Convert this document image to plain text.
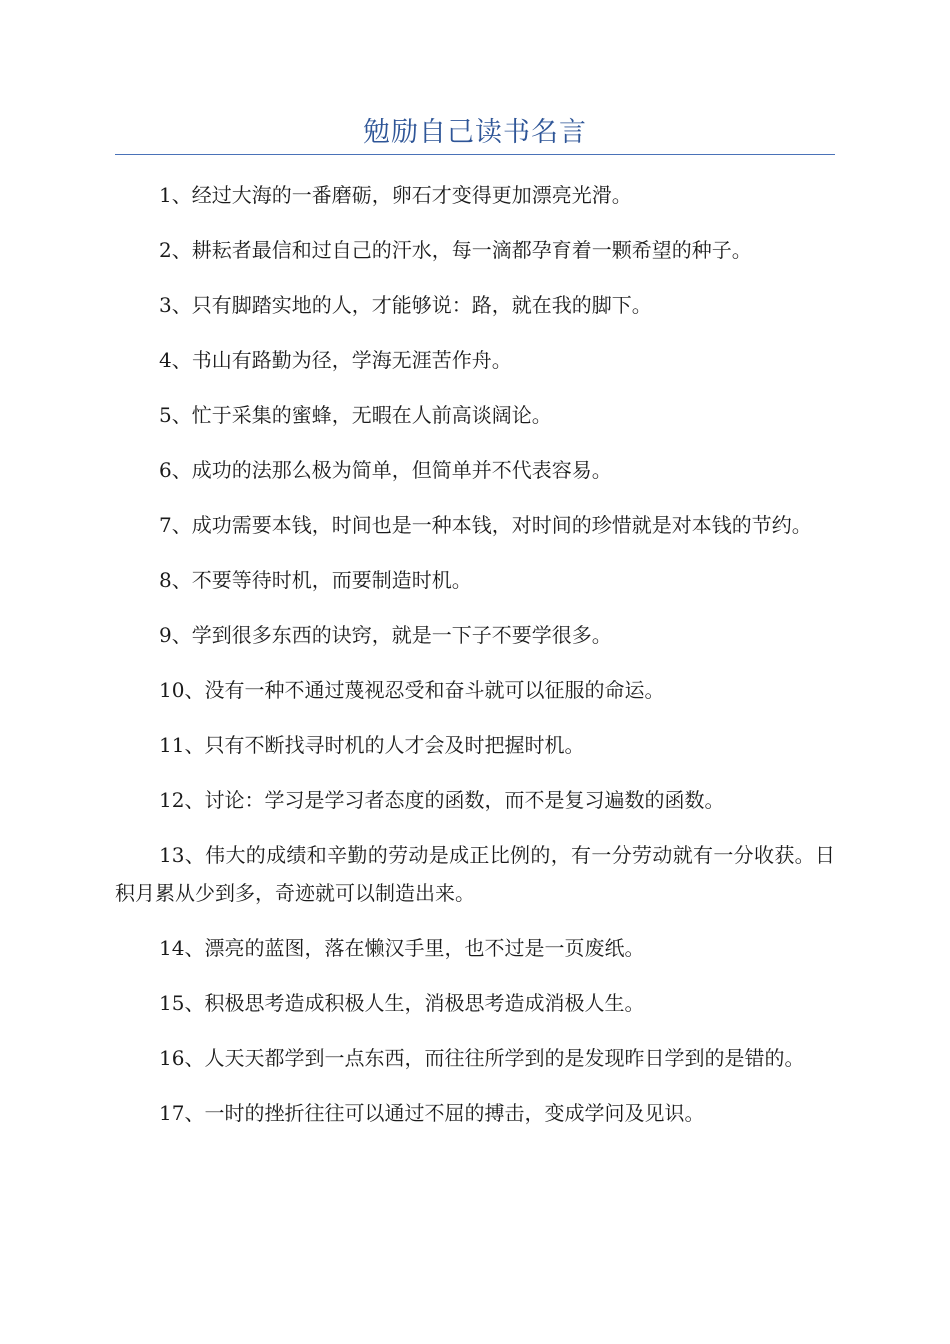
勉励自己读书名言
1、经过大海的一番磨砺，卵石才变得更加漂亮光滑。
2、耕耘者最信和过自己的汗水，每一滴都孕育着一颗希望的种子。
3、只有脚踏实地的人，才能够说：路，就在我的脚下。
4、书山有路勤为径，学海无涯苦作舟。
5、忙于采集的蜜蜂，无暇在人前高谈阔论。
6、成功的法那么极为简单，但简单并不代表容易。
7、成功需要本钱，时间也是一种本钱，对时间的珍惜就是对本钱的节约。
8、不要等待时机，而要制造时机。
9、学到很多东西的诀窍，就是一下子不要学很多。
10、没有一种不通过蔑视忍受和奋斗就可以征服的命运。
11、只有不断找寻时机的人才会及时把握时机。
12、讨论：学习是学习者态度的函数，而不是复习遍数的函数。
13、伟大的成绩和辛勤的劳动是成正比例的，有一分劳动就有一分收获。日积月累从少到多，奇迹就可以制造出来。
14、漂亮的蓝图，落在懒汉手里，也不过是一页废纸。
15、积极思考造成积极人生，消极思考造成消极人生。
16、人天天都学到一点东西，而往往所学到的是发现昨日学到的是错的。
17、一时的挫折往往可以通过不屈的搏击，变成学问及见识。
